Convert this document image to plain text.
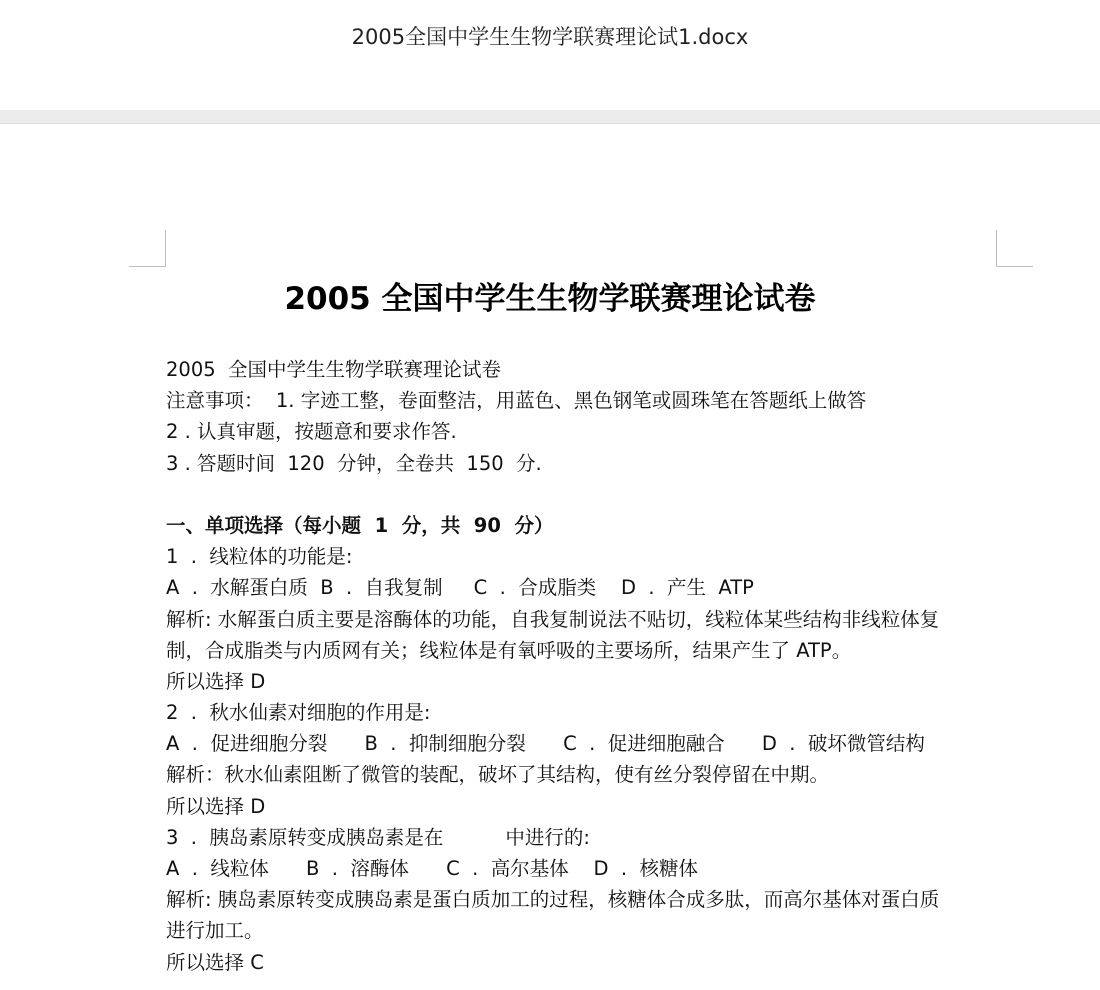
2005全国中学生生物学联赛理论试1.docx
2005 全国中学生生物学联赛理论试卷
2005  全国中学生生物学联赛理论试卷
注意事项：  1. 字迹工整，卷面整洁，用蓝色、黑色钢笔或圆珠笔在答题纸上做答
2 . 认真审题，按题意和要求作答.
3 . 答题时间  120  分钟，全卷共  150  分.
一、单项选择（每小题  1  分，共  90  分）
1  .  线粒体的功能是:
A  .  水解蛋白质  B  .  自我复制     C  .  合成脂类    D  .  产生  ATP
解析: 水解蛋白质主要是溶酶体的功能，自我复制说法不贴切，线粒体某些结构非线粒体复
制，合成脂类与内质网有关；线粒体是有氧呼吸的主要场所，结果产生了 ATP。
所以选择 D
2  .  秋水仙素对细胞的作用是:
A  .  促进细胞分裂      B  .  抑制细胞分裂      C  .  促进细胞融合      D  .  破坏微管结构
解析：秋水仙素阻断了微管的装配，破坏了其结构，使有丝分裂停留在中期。
所以选择 D
3  .  胰岛素原转变成胰岛素是在          中进行的:
A  .  线粒体      B  .  溶酶体      C  .  高尔基体    D  .  核糖体
解析: 胰岛素原转变成胰岛素是蛋白质加工的过程，核糖体合成多肽，而高尔基体对蛋白质
进行加工。
所以选择 C
